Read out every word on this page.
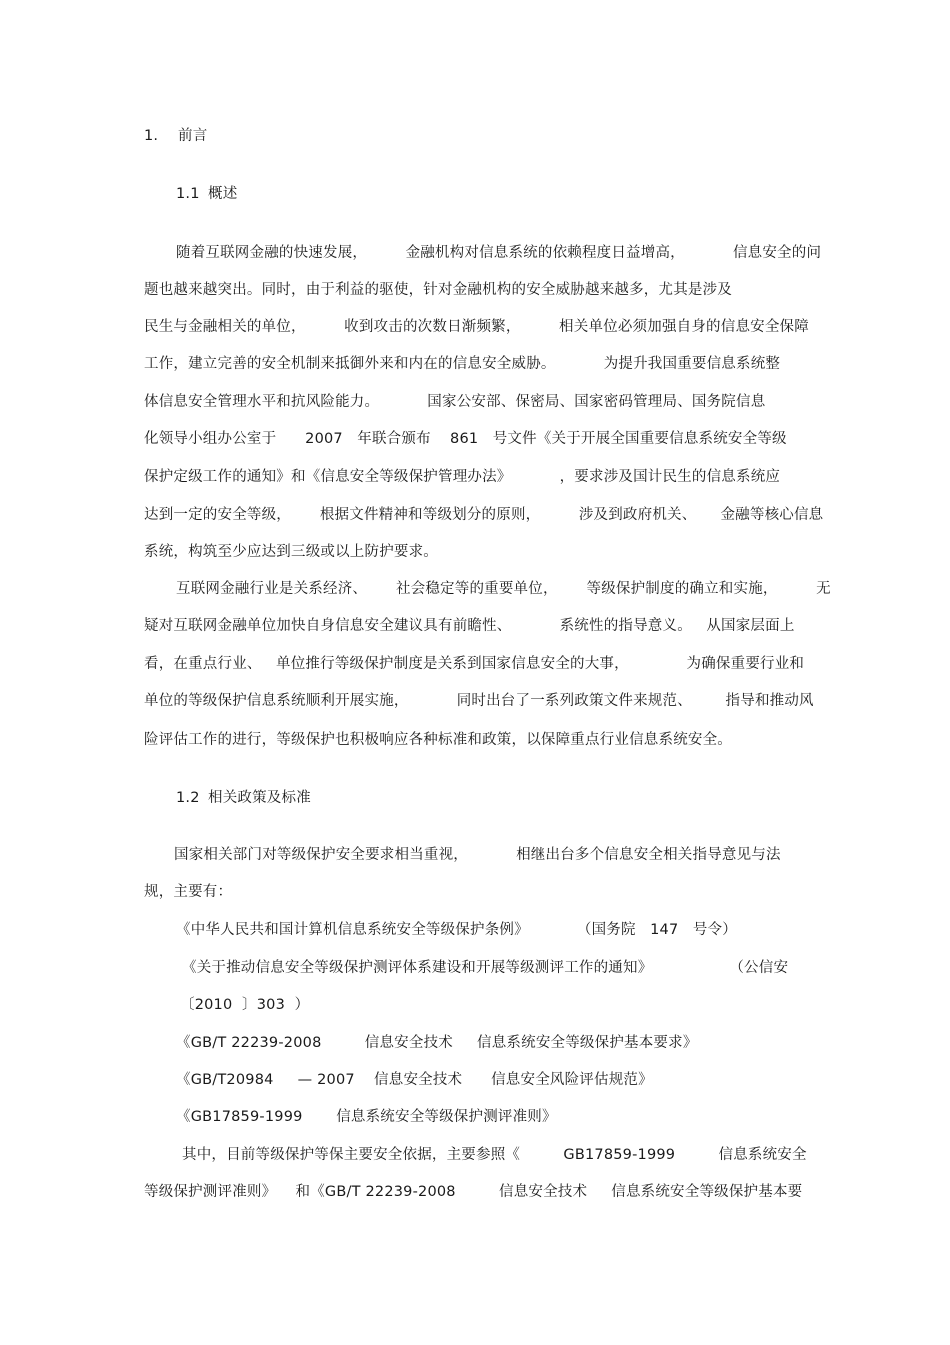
1. 前言
1.1 概述
随着互联网金融的快速发展，        金融机构对信息系统的依赖程度日益增高，          信息安全的问
题也越来越突出。同时，由于利益的驱使，针对金融机构的安全威胁越来越多，尤其是涉及
民生与金融相关的单位，        收到攻击的次数日渐频繁，        相关单位必须加强自身的信息安全保障
工作，建立完善的安全机制来抵御外来和内在的信息安全威胁。          为提升我国重要信息系统整
体信息安全管理水平和抗风险能力。          国家公安部、保密局、国家密码管理局、国务院信息
化领导小组办公室于      2007   年联合颁布    861   号文件《关于开展全国重要信息系统安全等级
保护定级工作的通知》和《信息安全等级保护管理办法》          ，要求涉及国计民生的信息系统应
达到一定的安全等级，      根据文件精神和等级划分的原则，        涉及到政府机关、     金融等核心信息
系统，构筑至少应达到三级或以上防护要求。
互联网金融行业是关系经济、      社会稳定等的重要单位，      等级保护制度的确立和实施，        无
疑对互联网金融单位加快自身信息安全建议具有前瞻性、          系统性的指导意义。   从国家层面上
看，在重点行业、   单位推行等级保护制度是关系到国家信息安全的大事，            为确保重要行业和
单位的等级保护信息系统顺利开展实施，          同时出台了一系列政策文件来规范、       指导和推动风
险评估工作的进行，等级保护也积极响应各种标准和政策，以保障重点行业信息系统安全。
1.2 相关政策及标准
国家相关部门对等级保护安全要求相当重视，          相继出台多个信息安全相关指导意见与法
规，主要有：
《中华人民共和国计算机信息系统安全等级保护条例》          （国务院   147   号令）
《关于推动信息安全等级保护测评体系建设和开展等级测评工作的通知》                （公信安
〔2010  〕303  ）
《GB/T 22239-2008         信息安全技术     信息系统安全等级保护基本要求》
《GB/T20984     — 2007    信息安全技术      信息安全风险评估规范》
《GB17859-1999       信息系统安全等级保护测评准则》
其中，目前等级保护等保主要安全依据，主要参照《         GB17859-1999         信息系统安全
等级保护测评准则》    和《GB/T 22239-2008         信息安全技术     信息系统安全等级保护基本要
